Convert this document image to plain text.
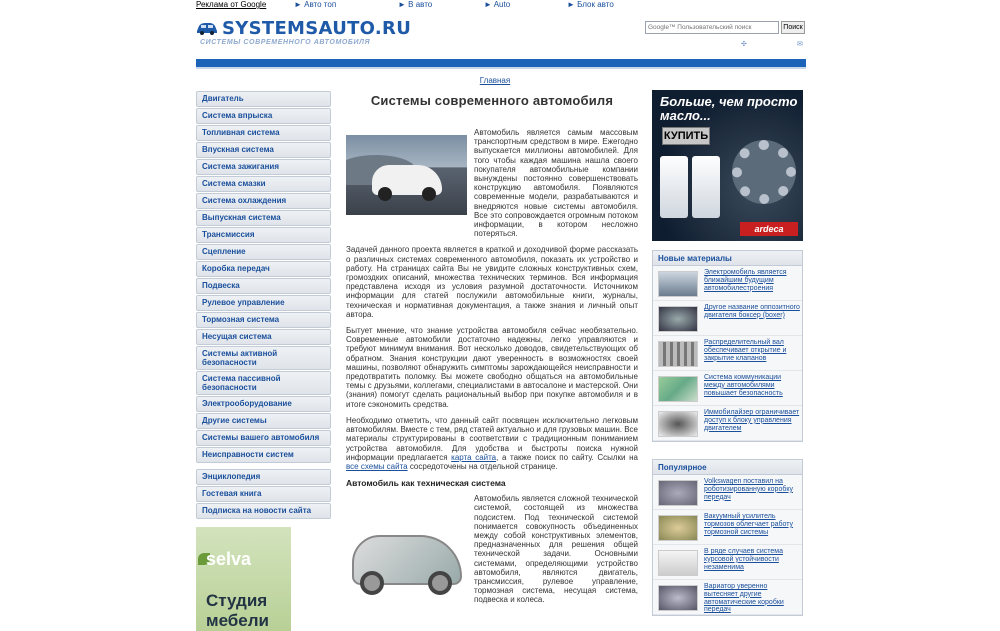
Реклама от Google	► Авто топ	► В авто	► Auto	► Блок авто
SYSTEMSAUTO.RU
СИСТЕМЫ СОВРЕМЕННОГО АВТОМОБИЛЯ
Google™ Пользовательский поиск
Поиск
✣	✉
Главная
Двигатель
Система впрыска
Топливная система
Впускная система
Система зажигания
Система смазки
Система охлаждения
Выпускная система
Трансмиссия
Сцепление
Коробка передач
Подвеска
Рулевое управление
Тормозная система
Несущая система
Системы активной безопасности
Система пассивной безопасности
Электрооборудование
Другие системы
Системы вашего автомобиля
Неисправности систем
Энциклопедия
Гостевая книга
Подписка на новости сайта
selva
Студия мебели
Системы современного автомобиля
Автомобиль является самым массовым транспортным средством в мире. Ежегодно выпускается миллионы автомобилей. Для того чтобы каждая машина нашла своего покупателя автомобильные компании вынуждены постоянно совершенствовать конструкцию автомобиля. Появляются современные модели, разрабатываются и внедряются новые системы автомобиля. Все это сопровождается огромным потоком информации, в котором несложно потеряться.
Задачей данного проекта является в краткой и доходчивой форме рассказать о различных системах современного автомобиля, показать их устройство и работу. На страницах сайта Вы не увидите сложных конструктивных схем, громоздких описаний, множества технических терминов. Вся информация представлена исходя из условия разумной достаточности. Источником информации для статей послужили автомобильные книги, журналы, техническая и нормативная документация, а также знания и личный опыт автора.
Бытует мнение, что знание устройства автомобиля сейчас необязательно. Современные автомобили достаточно надежны, легко управляются и требуют минимум внимания. Вот несколько доводов, свидетельствующих об обратном. Знания конструкции дают уверенность в возможностях своей машины, позволяют обнаружить симптомы зарождающейся неисправности и предотвратить поломку. Вы можете свободно общаться на автомобильные темы с друзьями, коллегами, специалистами в автосалоне и мастерской. Они (знания) помогут сделать рациональный выбор при покупке автомобиля и в итоге сэкономить средства.
Необходимо отметить, что данный сайт посвящен исключительно легковым автомобилям. Вместе с тем, ряд статей актуально и для грузовых машин. Все материалы структурированы в соответствии с традиционным пониманием устройства автомобиля. Для удобства и быстроты поиска нужной информации предлагается карта сайта, а также поиск по сайту. Ссылки на все схемы сайта сосредоточены на отдельной странице.
Автомобиль как техническая система
Автомобиль является сложной технической системой, состоящей из множества подсистем. Под технической системой понимается совокупность объединенных между собой конструктивных элементов, предназначенных для решения общей технической задачи. Основными системами, определяющими устройство автомобиля, являются двигатель, трансмиссия, рулевое управление, тормозная система, несущая система, подвеска и колеса.
Больше, чем просто масло...
КУПИТЬ
ardeca
Новые материалы
Электромобиль является ближайшим будущим автомобилестроения
Другое название оппозитного двигателя боксер (boxer)
Распределительный вал обеспечивает открытие и закрытие клапанов
Система коммуникации между автомобилями повышает безопасность
Иммобилайзер ограничивает доступ к блоку управления двигателем
Популярное
Volkswagen поставил на роботизированную коробку передач
Вакуумный усилитель тормозов облегчает работу тормозной системы
В ряде случаев система курсовой устойчивости незаменима
Вариатор уверенно вытесняет другие автоматические коробки передач
